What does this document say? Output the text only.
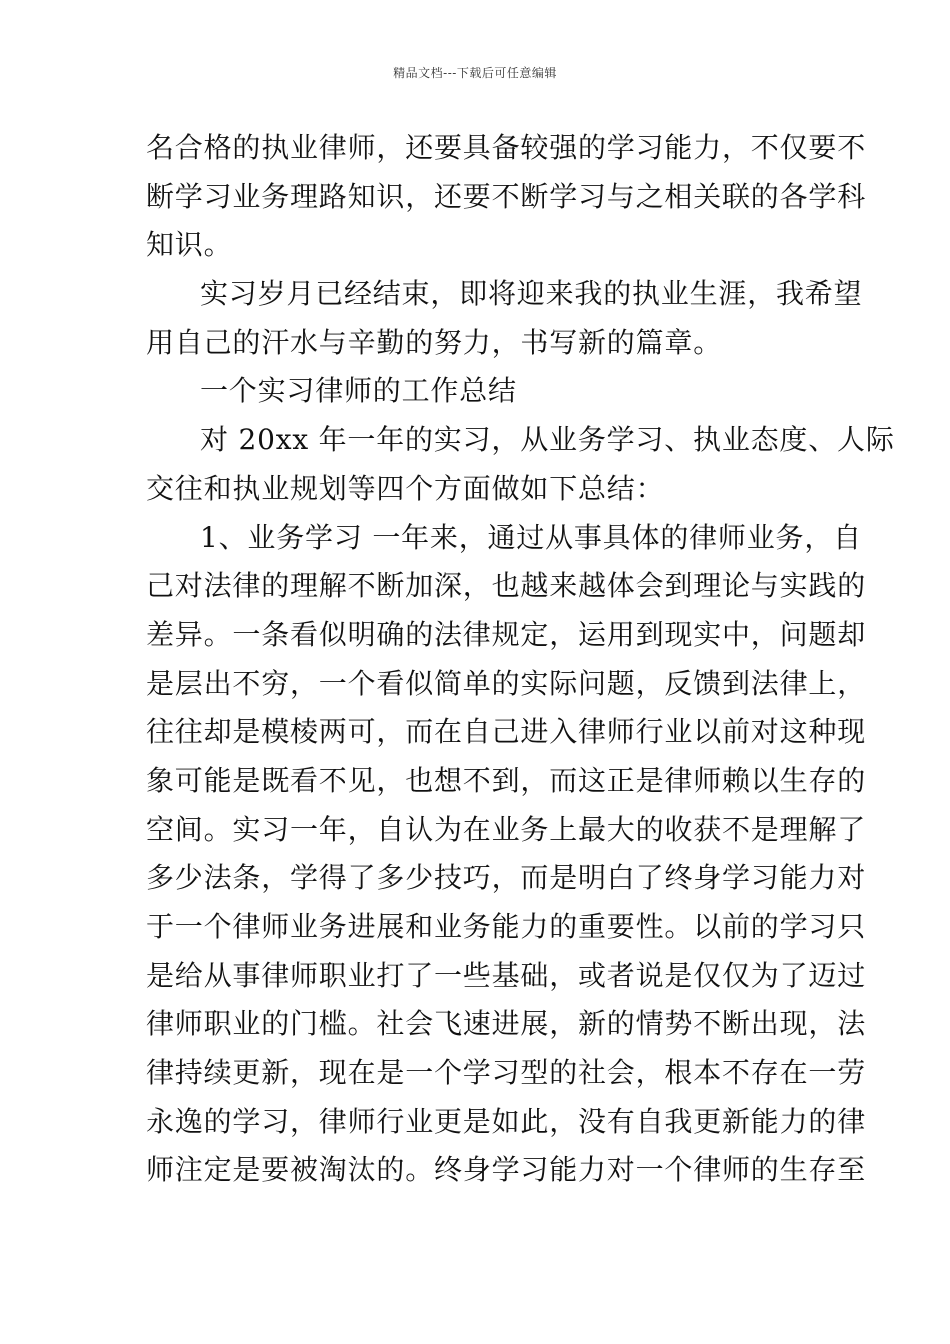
精品文档---下载后可任意编辑
名合格的执业律师，还要具备较强的学习能力，不仅要不
断学习业务理路知识，还要不断学习与之相关联的各学科
知识。
实习岁月已经结束，即将迎来我的执业生涯，我希望
用自己的汗水与辛勤的努力，书写新的篇章。
一个实习律师的工作总结
对 20xx 年一年的实习，从业务学习、执业态度、人际
交往和执业规划等四个方面做如下总结：
1、业务学习 一年来，通过从事具体的律师业务，自
己对法律的理解不断加深，也越来越体会到理论与实践的
差异。一条看似明确的法律规定，运用到现实中，问题却
是层出不穷，一个看似简单的实际问题，反馈到法律上，
往往却是模棱两可，而在自己进入律师行业以前对这种现
象可能是既看不见，也想不到，而这正是律师赖以生存的
空间。实习一年，自认为在业务上最大的收获不是理解了
多少法条，学得了多少技巧，而是明白了终身学习能力对
于一个律师业务进展和业务能力的重要性。以前的学习只
是给从事律师职业打了一些基础，或者说是仅仅为了迈过
律师职业的门槛。社会飞速进展，新的情势不断出现，法
律持续更新，现在是一个学习型的社会，根本不存在一劳
永逸的学习，律师行业更是如此，没有自我更新能力的律
师注定是要被淘汰的。终身学习能力对一个律师的生存至
